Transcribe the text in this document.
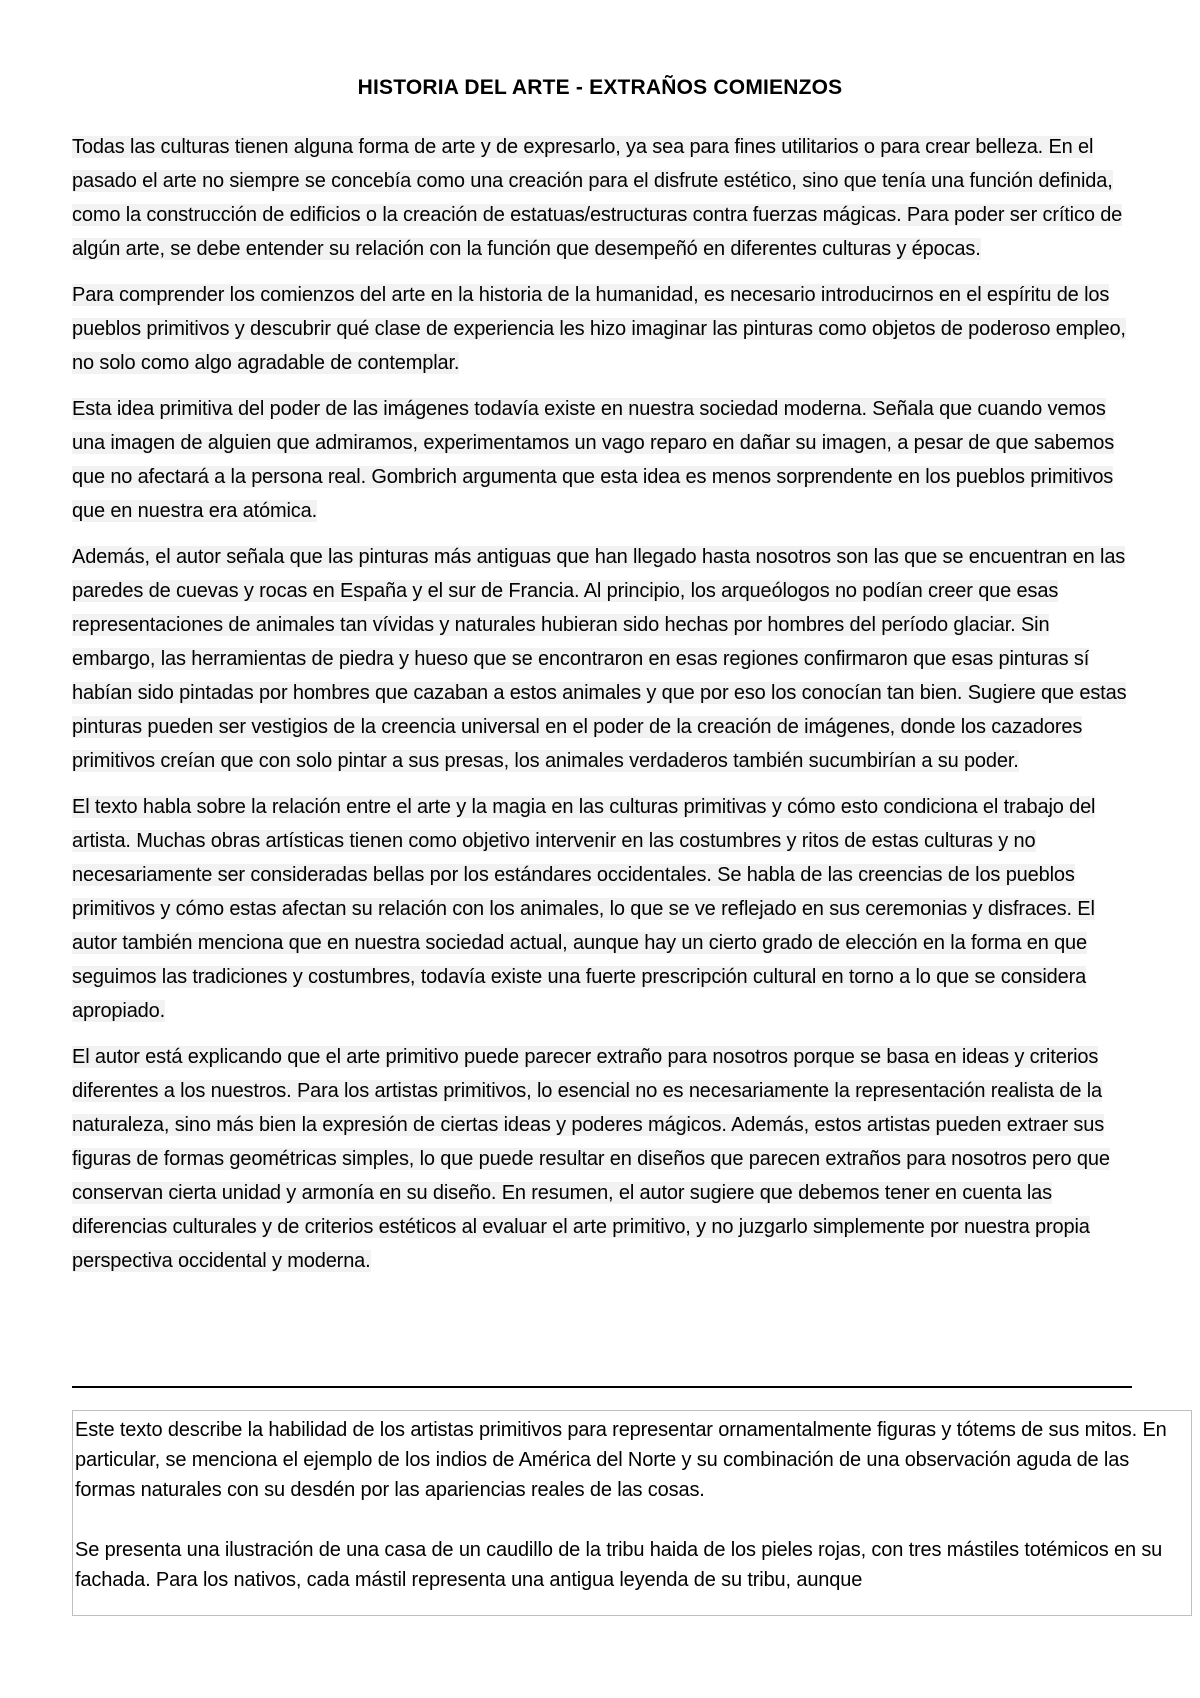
HISTORIA DEL ARTE - EXTRAÑOS COMIENZOS

Todas las culturas tienen alguna forma de arte y de expresarlo, ya sea para fines utilitarios o para crear belleza. En el pasado el arte no siempre se concebía como una creación para el disfrute estético, sino que tenía una función definida, como la construcción de edificios o la creación de estatuas/estructuras contra fuerzas mágicas. Para poder ser crítico de algún arte, se debe entender su relación con la función que desempeñó en diferentes culturas y épocas.

Para comprender los comienzos del arte en la historia de la humanidad, es necesario introducirnos en el espíritu de los pueblos primitivos y descubrir qué clase de experiencia les hizo imaginar las pinturas como objetos de poderoso empleo, no solo como algo agradable de contemplar.

Esta idea primitiva del poder de las imágenes todavía existe en nuestra sociedad moderna. Señala que cuando vemos una imagen de alguien que admiramos, experimentamos un vago reparo en dañar su imagen, a pesar de que sabemos que no afectará a la persona real. Gombrich argumenta que esta idea es menos sorprendente en los pueblos primitivos que en nuestra era atómica.

Además, el autor señala que las pinturas más antiguas que han llegado hasta nosotros son las que se encuentran en las paredes de cuevas y rocas en España y el sur de Francia. Al principio, los arqueólogos no podían creer que esas representaciones de animales tan vívidas y naturales hubieran sido hechas por hombres del período glaciar. Sin embargo, las herramientas de piedra y hueso que se encontraron en esas regiones confirmaron que esas pinturas sí habían sido pintadas por hombres que cazaban a estos animales y que por eso los conocían tan bien. Sugiere que estas pinturas pueden ser vestigios de la creencia universal en el poder de la creación de imágenes, donde los cazadores primitivos creían que con solo pintar a sus presas, los animales verdaderos también sucumbirían a su poder.

El texto habla sobre la relación entre el arte y la magia en las culturas primitivas y cómo esto condiciona el trabajo del artista. Muchas obras artísticas tienen como objetivo intervenir en las costumbres y ritos de estas culturas y no necesariamente ser consideradas bellas por los estándares occidentales. Se habla de las creencias de los pueblos primitivos y cómo estas afectan su relación con los animales, lo que se ve reflejado en sus ceremonias y disfraces. El autor también menciona que en nuestra sociedad actual, aunque hay un cierto grado de elección en la forma en que seguimos las tradiciones y costumbres, todavía existe una fuerte prescripción cultural en torno a lo que se considera apropiado.

El autor está explicando que el arte primitivo puede parecer extraño para nosotros porque se basa en ideas y criterios diferentes a los nuestros. Para los artistas primitivos, lo esencial no es necesariamente la representación realista de la naturaleza, sino más bien la expresión de ciertas ideas y poderes mágicos. Además, estos artistas pueden extraer sus figuras de formas geométricas simples, lo que puede resultar en diseños que parecen extraños para nosotros pero que conservan cierta unidad y armonía en su diseño. En resumen, el autor sugiere que debemos tener en cuenta las diferencias culturales y de criterios estéticos al evaluar el arte primitivo, y no juzgarlo simplemente por nuestra propia perspectiva occidental y moderna.

Este texto describe la habilidad de los artistas primitivos para representar ornamentalmente figuras y tótems de sus mitos. En particular, se menciona el ejemplo de los indios de América del Norte y su combinación de una observación aguda de las formas naturales con su desdén por las apariencias reales de las cosas.

Se presenta una ilustración de una casa de un caudillo de la tribu haida de los pieles rojas, con tres mástiles totémicos en su fachada. Para los nativos, cada mástil representa una antigua leyenda de su tribu, aunque
